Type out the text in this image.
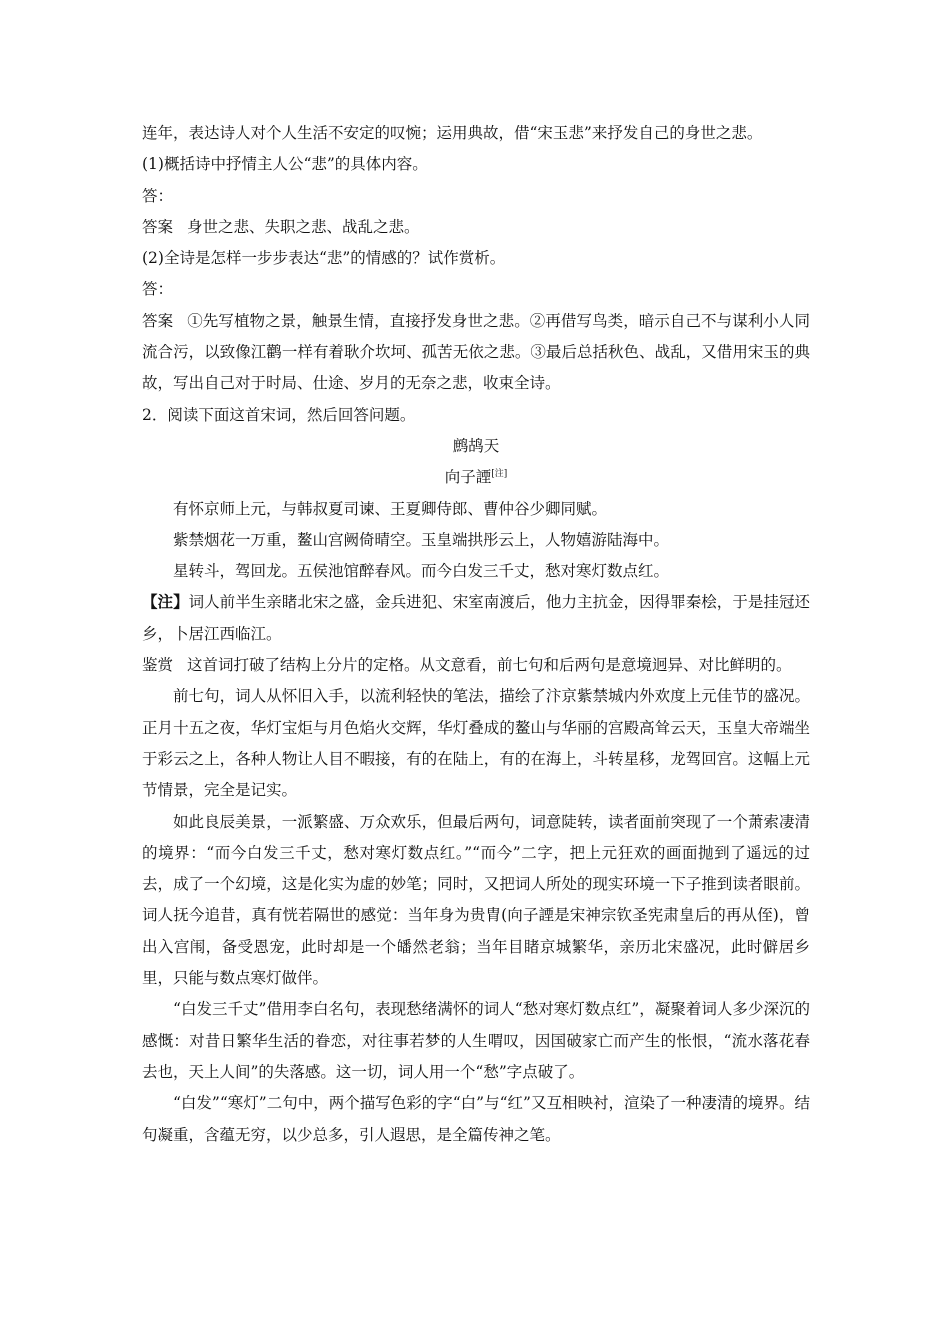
连年，表达诗人对个人生活不安定的叹惋；运用典故，借“宋玉悲”来抒发自己的身世之悲。
(1)概括诗中抒情主人公“悲”的具体内容。
答：
答案 身世之悲、失职之悲、战乱之悲。
(2)全诗是怎样一步步表达“悲”的情感的？试作赏析。
答：
答案 ①先写植物之景，触景生情，直接抒发身世之悲。②再借写鸟类，暗示自己不与谋利小人同流合污，以致像江鹳一样有着耿介坎坷、孤苦无依之悲。③最后总括秋色、战乱，又借用宋玉的典故，写出自己对于时局、仕途、岁月的无奈之悲，收束全诗。
2．阅读下面这首宋词，然后回答问题。
鹧鸪天
向子諲[注]
有怀京师上元，与韩叔夏司谏、王夏卿侍郎、曹仲谷少卿同赋。
紫禁烟花一万重，鳌山宫阙倚晴空。玉皇端拱彤云上，人物嬉游陆海中。
星转斗，驾回龙。五侯池馆醉春风。而今白发三千丈，愁对寒灯数点红。
【注】词人前半生亲睹北宋之盛，金兵进犯、宋室南渡后，他力主抗金，因得罪秦桧，于是挂冠还乡，卜居江西临江。
鉴赏 这首词打破了结构上分片的定格。从文意看，前七句和后两句是意境迥异、对比鲜明的。
前七句，词人从怀旧入手，以流利轻快的笔法，描绘了汴京紫禁城内外欢度上元佳节的盛况。正月十五之夜，华灯宝炬与月色焰火交辉，华灯叠成的鳌山与华丽的宫殿高耸云天，玉皇大帝端坐于彩云之上，各种人物让人目不暇接，有的在陆上，有的在海上，斗转星移，龙驾回宫。这幅上元节情景，完全是记实。
如此良辰美景，一派繁盛、万众欢乐，但最后两句，词意陡转，读者面前突现了一个萧索凄清的境界：“而今白发三千丈，愁对寒灯数点红。”“而今”二字，把上元狂欢的画面抛到了遥远的过去，成了一个幻境，这是化实为虚的妙笔；同时，又把词人所处的现实环境一下子推到读者眼前。词人抚今追昔，真有恍若隔世的感觉：当年身为贵胄(向子諲是宋神宗钦圣宪肃皇后的再从侄)，曾出入宫闱，备受恩宠，此时却是一个皤然老翁；当年目睹京城繁华，亲历北宋盛况，此时僻居乡里，只能与数点寒灯做伴。
“白发三千丈”借用李白名句，表现愁绪满怀的词人“愁对寒灯数点红”，凝聚着词人多少深沉的感慨：对昔日繁华生活的眷恋，对往事若梦的人生喟叹，因国破家亡而产生的怅恨，“流水落花春去也，天上人间”的失落感。这一切，词人用一个“愁”字点破了。
“白发”“寒灯”二句中，两个描写色彩的字“白”与“红”又互相映衬，渲染了一种凄清的境界。结句凝重，含蕴无穷，以少总多，引人遐思，是全篇传神之笔。
